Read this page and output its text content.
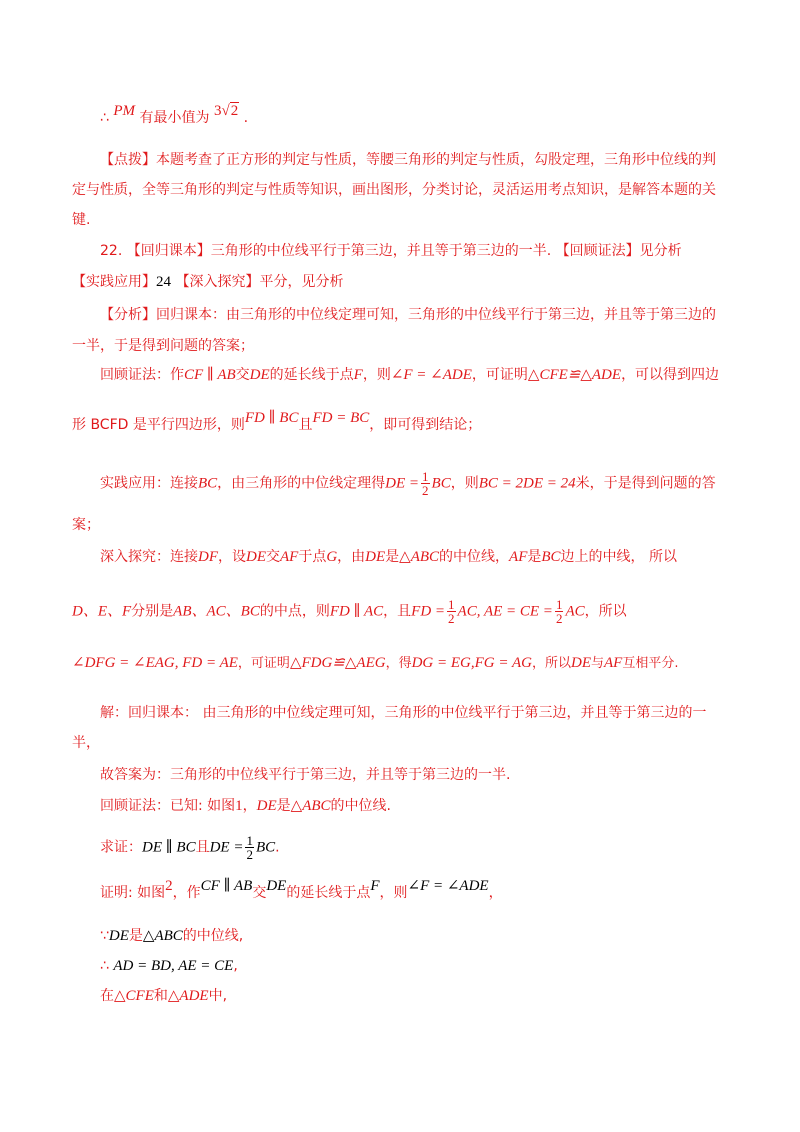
∴ PM 有最小值为 3√2 .
【点拨】本题考查了正方形的判定与性质，等腰三角形的判定与性质，勾股定理，三角形中位线的判
定与性质，全等三角形的判定与性质等知识，画出图形，分类讨论，灵活运用考点知识，是解答本题的关
键.
22. 【回归课本】三角形的中位线平行于第三边，并且等于第三边的一半. 【回顾证法】见分析
【实践应用】24 【深入探究】平分，见分析
【分析】回归课本：由三角形的中位线定理可知，三角形的中位线平行于第三边，并且等于第三边的
一半，于是得到问题的答案；
回顾证法：作CF ∥ AB交DE的延长线于点F，则∠F = ∠ADE，可证明△CFE≌△ADE，可以得到四边
形 BCFD 是平行四边形，则FD ∥ BC且FD = BC，即可得到结论；
实践应用：连接BC，由三角形的中位线定理得DE = $\frac{1}{2}$ BC，则BC = 2DE = 24米，于是得到问题的答
案；
深入探究：连接DF，设DE交AF于点G，由DE是△ABC的中位线，AF是BC边上的中线， 所以
D、E、F分别是AB、AC、BC的中点，则FD ∥ AC，且FD = $\frac{1}{2}$ AC, AE = CE = $\frac{1}{2}$ AC，所以
∠DFG = ∠EAG, FD = AE，可证明△FDG≌△AEG，得DG = EG,FG = AG，所以DE与AF互相平分.
解：回归课本： 由三角形的中位线定理可知，三角形的中位线平行于第三边，并且等于第三边的一
半，
故答案为：三角形的中位线平行于第三边，并且等于第三边的一半.
回顾证法：已知: 如图1，DE是△ABC的中位线.
求证：DE ∥ BC且DE = $\frac{1}{2}$ BC.
证明: 如图2，作CF ∥ AB交DE的延长线于点F，则∠F = ∠ADE，
∵DE是△ABC的中位线,
∴ AD = BD, AE = CE,
在△CFE和△ADE中,
